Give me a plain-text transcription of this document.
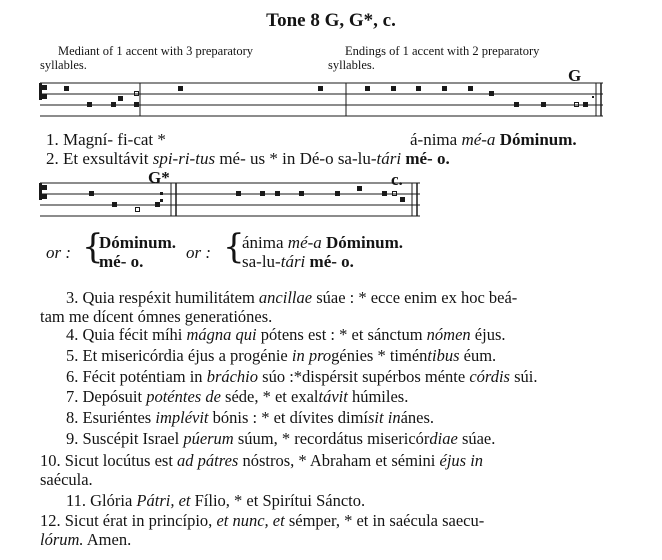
Tone 8 G, G*, c.
Mediant of 1 accent with 3 preparatory
syllables.
Endings of 1 accent with 2 preparatory
syllables.
G
1. Magní- fi-cat *	á-nima mé-a Dóminum.
2. Et exsultávit spi-ri-tus mé- us * in Dé-o sa-lu-tári mé- o.
G*	c.
or : {
Dóminum.
mé- o.	or : {
ánima mé-a Dóminum.
sa-lu-tári mé- o.
3. Quia respéxit humilitátem ancillae súae : * ecce enim ex hoc beá-
tam me dícent ómnes generatiónes.
4. Quia fécit míhi mágna qui pótens est : * et sánctum nómen éjus.
5. Et misericórdia éjus a progénie in progénies * timéntibus éum.
6. Fécit poténtiam in bráchio súo :*dispérsit supérbos ménte córdis súi.
7. Depósuit poténtes de séde, * et exaltávit húmiles.
8. Esuriéntes implévit bónis : * et dívites dimísit inánes.
9. Suscépit Israel púerum súum, * recordátus misericórdiae súae.
10. Sicut locútus est ad pátres nóstros, * Abraham et sémini éjus in
saécula.
11. Glória Pátri, et Fílio, * et Spirítui Sáncto.
12. Sicut érat in princípio, et nunc, et sémper, * et in saécula saecu-
lórum. Amen.
